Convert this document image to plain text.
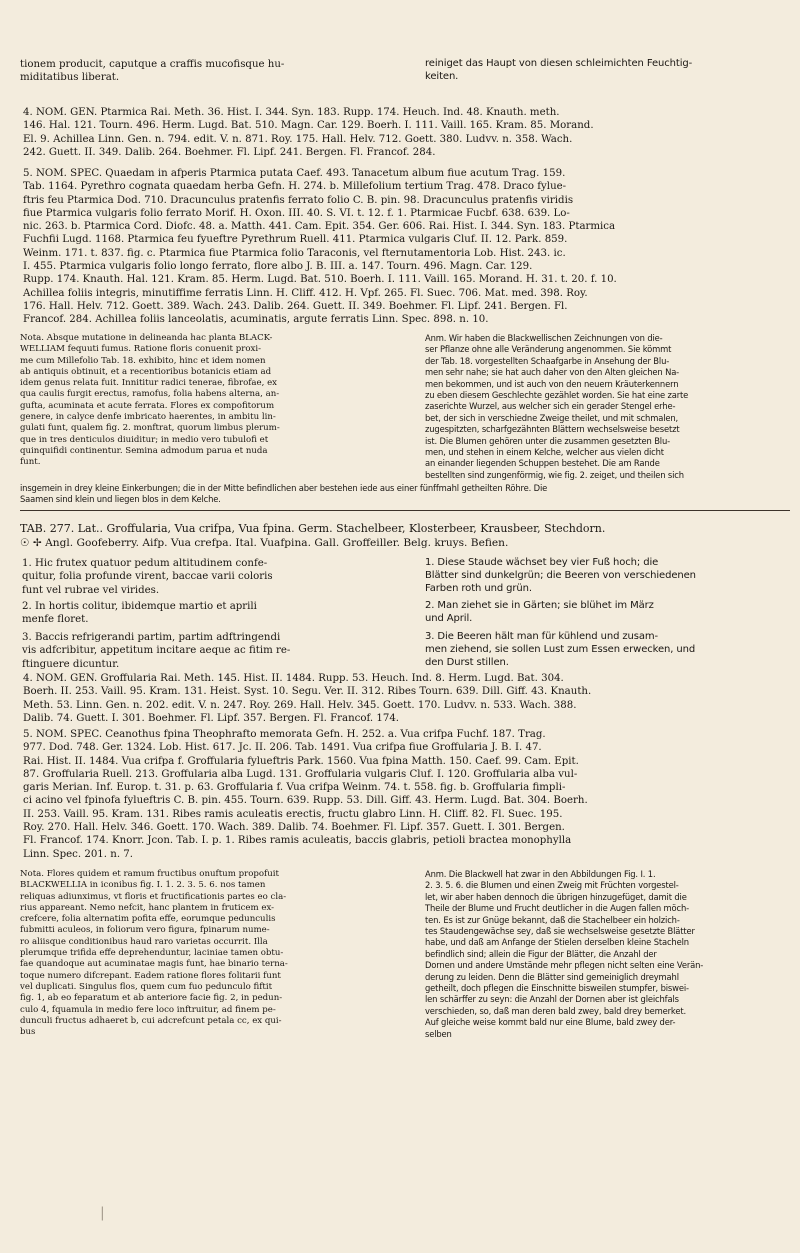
tionem producit, caputque a craffis mucofisque hu-
miditatibus liberat.
reiniget das Haupt von diesen schleimichten Feuchtig-
keiten.
4. NOM. GEN. Ptarmica Rai. Meth. 36. Hist. I. 344. Syn. 183. Rupp. 174. Heuch. Ind. 48. Knauth. meth.
146. Hal. 121. Tourn. 496. Herm. Lugd. Bat. 510. Magn. Car. 129. Boerh. I. 111. Vaill. 165. Kram. 85. Morand.
El. 9. Achillea Linn. Gen. n. 794. edit. V. n. 871. Roy. 175. Hall. Helv. 712. Goett. 380. Ludvv. n. 358. Wach.
242. Guett. II. 349. Dalib. 264. Boehmer. Fl. Lipf. 241. Bergen. Fl. Francof. 284.
5. NOM. SPEC. Quaedam in afperis Ptarmica putata Caef. 493. Tanacetum album fiue acutum Trag. 159.
Tab. 1164. Pyrethro cognata quaedam herba Gefn. H. 274. b. Millefolium tertium Trag. 478. Draco fylue-
ftris feu Ptarmica Dod. 710. Dracunculus pratenfis ferrato folio C. B. pin. 98. Dracunculus pratenfis viridis
fiue Ptarmica vulgaris folio ferrato Morif. H. Oxon. III. 40. S. VI. t. 12. f. 1. Ptarmicae Fucbf. 638. 639. Lo-
nic. 263. b. Ptarmica Cord. Diofc. 48. a. Matth. 441. Cam. Epit. 354. Ger. 606. Rai. Hist. I. 344. Syn. 183. Ptarmica
Fuchfii Lugd. 1168. Ptarmica feu fyueftre Pyrethrum Ruell. 411. Ptarmica vulgaris Cluf. II. 12. Park. 859.
Weinm. 171. t. 837. fig. c. Ptarmica fiue Ptarmica folio Taraconis, vel fternutamentoria Lob. Hist. 243. ic.
I. 455. Ptarmica vulgaris folio longo ferrato, flore albo J. B. III. a. 147. Tourn. 496. Magn. Car. 129.
Rupp. 174. Knauth. Hal. 121. Kram. 85. Herm. Lugd. Bat. 510. Boerh. I. 111. Vaill. 165. Morand. H. 31. t. 20. f. 10.
Achillea foliis integris, minutiffime ferratis Linn. H. Cliff. 412. H. Vpf. 265. Fl. Suec. 706. Mat. med. 398. Roy.
176. Hall. Helv. 712. Goett. 389. Wach. 243. Dalib. 264. Guett. II. 349. Boehmer. Fl. Lipf. 241. Bergen. Fl.
Francof. 284. Achillea foliis lanceolatis, acuminatis, argute ferratis Linn. Spec. 898. n. 10.
Nota. Absque mutatione in delineanda hac planta BLACK-
WELLIAM fequuti fumus. Ratione floris conuenit proxi-
me cum Millefolio Tab. 18. exhibito, hinc et idem nomen
ab antiquis obtinuit, et a recentioribus botanicis etiam ad
idem genus relata fuit. Innititur radici tenerae, fibrofae, ex
qua caulis furgit erectus, ramofus, folia habens alterna, an-
gufta, acuminata et acute ferrata. Flores ex compofitorum
genere, in calyce denfe imbricato haerentes, in ambitu lin-
gulati funt, qualem fig. 2. monftrat, quorum limbus plerum-
que in tres denticulos diuiditur; in medio vero tubulofi et
quinquifidi continentur. Semina admodum parua et nuda
funt.
Anm. Wir haben die Blackwellischen Zeichnungen von die-
ser Pflanze ohne alle Veränderung angenommen. Sie kömmt
der Tab. 18. vorgestellten Schaafgarbe in Ansehung der Blu-
men sehr nahe; sie hat auch daher von den Alten gleichen Na-
men bekommen, und ist auch von den neuern Kräuterkennern
zu eben diesem Geschlechte gezählet worden. Sie hat eine zarte
zaserichte Wurzel, aus welcher sich ein gerader Stengel erhe-
bet, der sich in verschiedne Zweige theilet, und mit schmalen,
zugespitzten, scharfgezähnten Blättern wechselsweise besetzt
ist. Die Blumen gehören unter die zusammen gesetzten Blu-
men, und stehen in einem Kelche, welcher aus vielen dicht
an einander liegenden Schuppen bestehet. Die am Rande
bestellten sind zungenförmig, wie fig. 2. zeiget, und theilen sich
insgemein in drey kleine Einkerbungen; die in der Mitte befindlichen aber bestehen iede aus einer fünffmahl getheilten Röhre. Die
Saamen sind klein und liegen blos in dem Kelche.
TAB. 277. Lat.. Groffularia, Vua crifpa, Vua fpina. Germ. Stachelbeer, Klosterbeer, Krausbeer, Stechdorn.
☉ ✢ Angl. Goofeberry. Aifp. Vua crefpa. Ital. Vuafpina. Gall. Groffeiller. Belg. kruys. Befien.
1. Hic frutex quatuor pedum altitudinem confe-
quitur, folia profunde virent, baccae varii coloris
funt vel rubrae vel virides.
2. In hortis colitur, ibidemque martio et aprili
menfe floret.
3. Baccis refrigerandi partim, partim adftringendi
vis adfcribitur, appetitum incitare aeque ac fitim re-
ftinguere dicuntur.
1. Diese Staude wächset bey vier Fuß hoch; die
Blätter sind dunkelgrün; die Beeren von verschiedenen
Farben roth und grün.
2. Man ziehet sie in Gärten; sie blühet im März
und April.
3. Die Beeren hält man für kühlend und zusam-
men ziehend, sie sollen Lust zum Essen erwecken, und
den Durst stillen.
4. NOM. GEN. Groffularia Rai. Meth. 145. Hist. II. 1484. Rupp. 53. Heuch. Ind. 8. Herm. Lugd. Bat. 304.
Boerh. II. 253. Vaill. 95. Kram. 131. Heist. Syst. 10. Segu. Ver. II. 312. Ribes Tourn. 639. Dill. Giff. 43. Knauth.
Meth. 53. Linn. Gen. n. 202. edit. V. n. 247. Roy. 269. Hall. Helv. 345. Goett. 170. Ludvv. n. 533. Wach. 388.
Dalib. 74. Guett. I. 301. Boehmer. Fl. Lipf. 357. Bergen. Fl. Francof. 174.
5. NOM. SPEC. Ceanothus fpina Theophrafto memorata Gefn. H. 252. a. Vua crifpa Fuchf. 187. Trag.
977. Dod. 748. Ger. 1324. Lob. Hist. 617. Jc. II. 206. Tab. 1491. Vua crifpa fiue Groffularia J. B. I. 47.
Rai. Hist. II. 1484. Vua crifpa f. Groffularia fylueftris Park. 1560. Vua fpina Matth. 150. Caef. 99. Cam. Epit.
87. Groffularia Ruell. 213. Groffularia alba Lugd. 131. Groffularia vulgaris Cluf. I. 120. Groffularia alba vul-
garis Merian. Inf. Europ. t. 31. p. 63. Groffularia f. Vua crifpa Weinm. 74. t. 558. fig. b. Groffularia fimpli-
ci acino vel fpinofa fylueftris C. B. pin. 455. Tourn. 639. Rupp. 53. Dill. Giff. 43. Herm. Lugd. Bat. 304. Boerh.
II. 253. Vaill. 95. Kram. 131. Ribes ramis aculeatis erectis, fructu glabro Linn. H. Cliff. 82. Fl. Suec. 195.
Roy. 270. Hall. Helv. 346. Goett. 170. Wach. 389. Dalib. 74. Boehmer. Fl. Lipf. 357. Guett. I. 301. Bergen.
Fl. Francof. 174. Knorr. Jcon. Tab. I. p. 1. Ribes ramis aculeatis, baccis glabris, petioli bractea monophylla
Linn. Spec. 201. n. 7.
Nota. Flores quidem et ramum fructibus onuftum propofuit
BLACKWELLIA in iconibus fig. I. 1. 2. 3. 5. 6. nos tamen
reliquas adiunximus, vt floris et fructificationis partes eo cla-
rius appareant. Nemo nefcit, hanc plantem in fruticem ex-
crefcere, folia alternatim pofita effe, eorumque pedunculis
fubmitti aculeos, in foliorum vero figura, fpinarum nume-
ro aliisque conditionibus haud raro varietas occurrit. Illa
plerumque trifida effe deprehenduntur, laciniae tamen obtu-
fae quandoque aut acuminatae magis funt, hae binario terna-
toque numero difcrepant. Eadem ratione flores folitarii funt
vel duplicati. Singulus flos, quem cum fuo pedunculo fiftit
fig. 1, ab eo feparatum et ab anteriore facie fig. 2, in pedun-
culo 4, fquamula in medio fere loco inftruitur, ad finem pe-
dunculi fructus adhaeret b, cui adcrefcunt petala cc, ex qui-
bus
Anm. Die Blackwell hat zwar in den Abbildungen Fig. I. 1.
2. 3. 5. 6. die Blumen und einen Zweig mit Früchten vorgestel-
let, wir aber haben dennoch die übrigen hinzugefüget, damit die
Theile der Blume und Frucht deutlicher in die Augen fallen möch-
ten. Es ist zur Gnüge bekannt, daß die Stachelbeer ein holzich-
tes Staudengewächse sey, daß sie wechselsweise gesetzte Blätter
habe, und daß am Anfange der Stielen derselben kleine Stacheln
befindlich sind; allein die Figur der Blätter, die Anzahl der
Dornen und andere Umstände mehr pflegen nicht selten eine Verän-
derung zu leiden. Denn die Blätter sind gemeiniglich dreymahl
getheilt, doch pflegen die Einschnitte bisweilen stumpfer, biswei-
len schärffer zu seyn: die Anzahl der Dornen aber ist gleichfals
verschieden, so, daß man deren bald zwey, bald drey bemerket.
Auf gleiche weise kommt bald nur eine Blume, bald zwey der-
selben
|
